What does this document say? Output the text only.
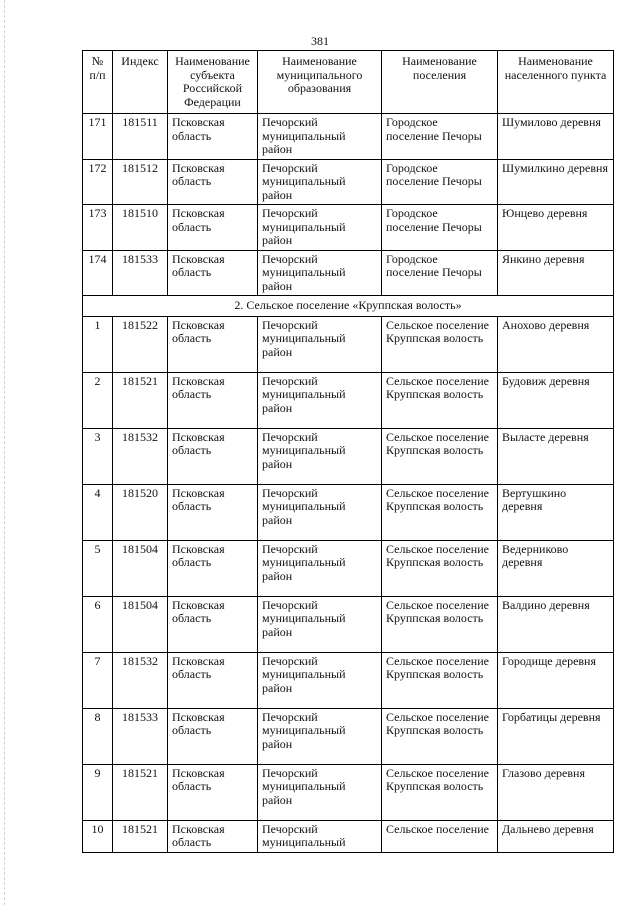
381
№ п/п	Индекс	Наименование субъекта Российской Федерации	Наименование муниципального образования	Наименование поселения	Наименование населенного пункта
171	181511	Псковская область	Печорский муниципальный район	Городское поселение Печоры	Шумилово деревня
172	181512	Псковская область	Печорский муниципальный район	Городское поселение Печоры	Шумилкино деревня
173	181510	Псковская область	Печорский муниципальный район	Городское поселение Печоры	Юнцево деревня
174	181533	Псковская область	Печорский муниципальный район	Городское поселение Печоры	Янкино деревня
2. Сельское поселение «Круппская волость»					
1	181522	Псковская область	Печорский муниципальный район	Сельское поселение Круппская волость	Анохово деревня
2	181521	Псковская область	Печорский муниципальный район	Сельское поселение Круппская волость	Будовиж деревня
3	181532	Псковская область	Печорский муниципальный район	Сельское поселение Круппская волость	Выласте деревня
4	181520	Псковская область	Печорский муниципальный район	Сельское поселение Круппская волость	Вертушкино деревня
5	181504	Псковская область	Печорский муниципальный район	Сельское поселение Круппская волость	Ведерниково деревня
6	181504	Псковская область	Печорский муниципальный район	Сельское поселение Круппская волость	Валдино деревня
7	181532	Псковская область	Печорский муниципальный район	Сельское поселение Круппская волость	Городище деревня
8	181533	Псковская область	Печорский муниципальный район	Сельское поселение Круппская волость	Горбатицы деревня
9	181521	Псковская область	Печорский муниципальный район	Сельское поселение Круппская волость	Глазово деревня
10	181521	Псковская область	Печорский муниципальный	Сельское поселение	Дальнево деревня
